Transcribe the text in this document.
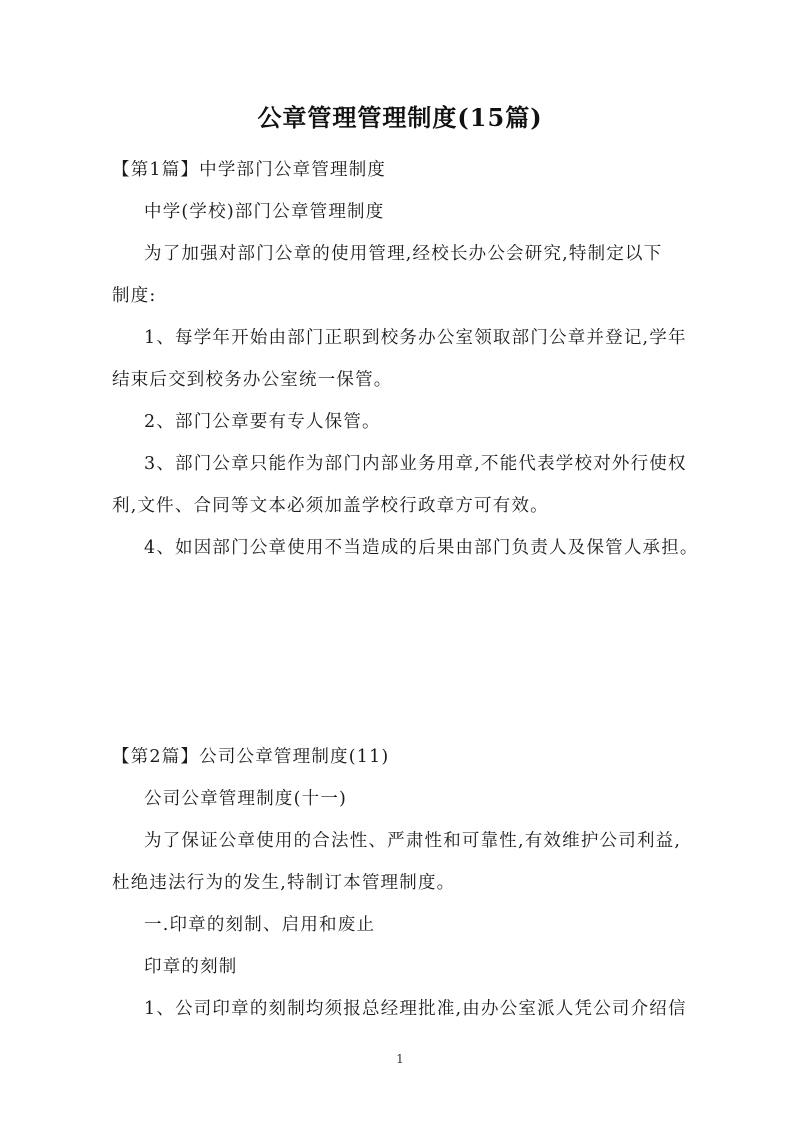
公章管理管理制度(15篇)
【第1篇】中学部门公章管理制度
中学(学校)部门公章管理制度
为了加强对部门公章的使用管理,经校长办公会研究,特制定以下
制度:
1、每学年开始由部门正职到校务办公室领取部门公章并登记,学年
结束后交到校务办公室统一保管。
2、部门公章要有专人保管。
3、部门公章只能作为部门内部业务用章,不能代表学校对外行使权
利,文件、合同等文本必须加盖学校行政章方可有效。
4、如因部门公章使用不当造成的后果由部门负责人及保管人承担。
【第2篇】公司公章管理制度(11)
公司公章管理制度(十一)
为了保证公章使用的合法性、严肃性和可靠性,有效维护公司利益,
杜绝违法行为的发生,特制订本管理制度。
一.印章的刻制、启用和废止
印章的刻制
1、公司印章的刻制均须报总经理批准,由办公室派人凭公司介绍信
1
